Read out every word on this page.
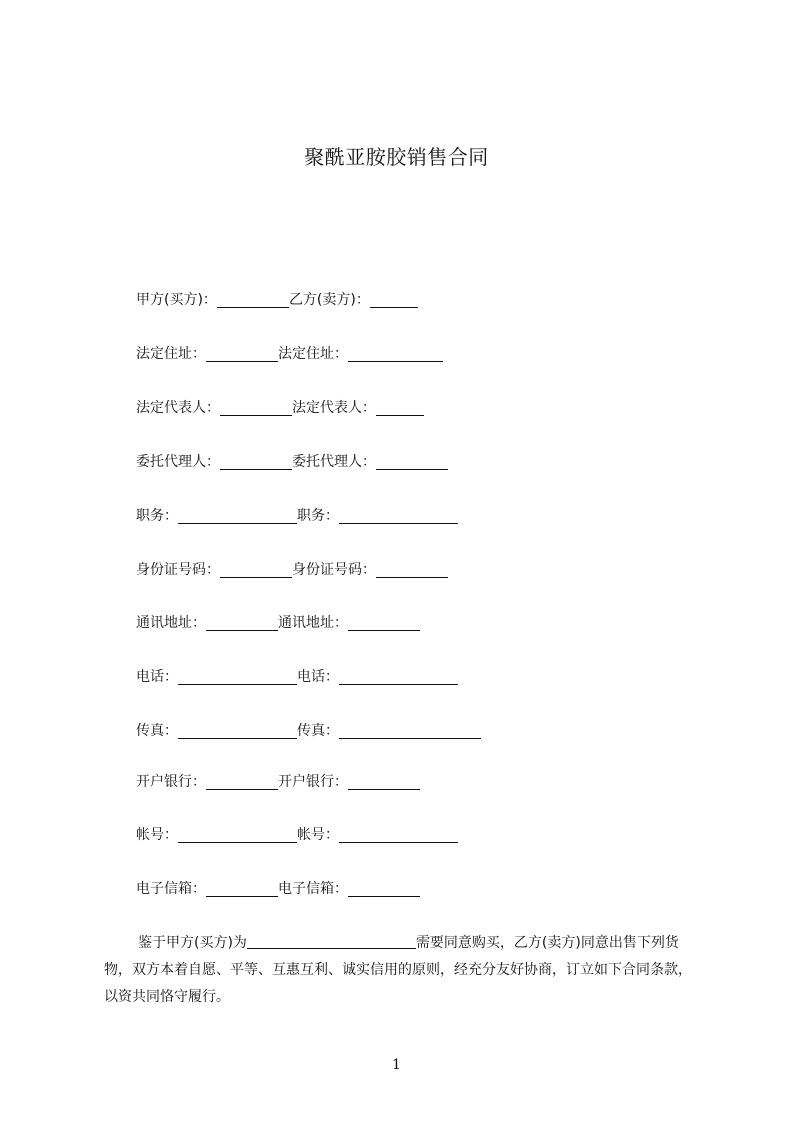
聚酰亚胺胶销售合同
甲方(买方)：	乙方(卖方)：
法定住址：	法定住址：
法定代表人：	法定代表人：
委托代理人：	委托代理人：
职务：	职务：
身份证号码：	身份证号码：
通讯地址：	通讯地址：
电话：	电话：
传真：	传真：
开户银行：	开户银行：
帐号：	帐号：
电子信箱：	电子信箱：
鉴于甲方(买方)为	需要同意购买，乙方(卖方)同意出售下列货物，双方本着自愿、平等、互惠互利、诚实信用的原则，经充分友好协商，订立如下合同条款，以资共同恪守履行。
1
